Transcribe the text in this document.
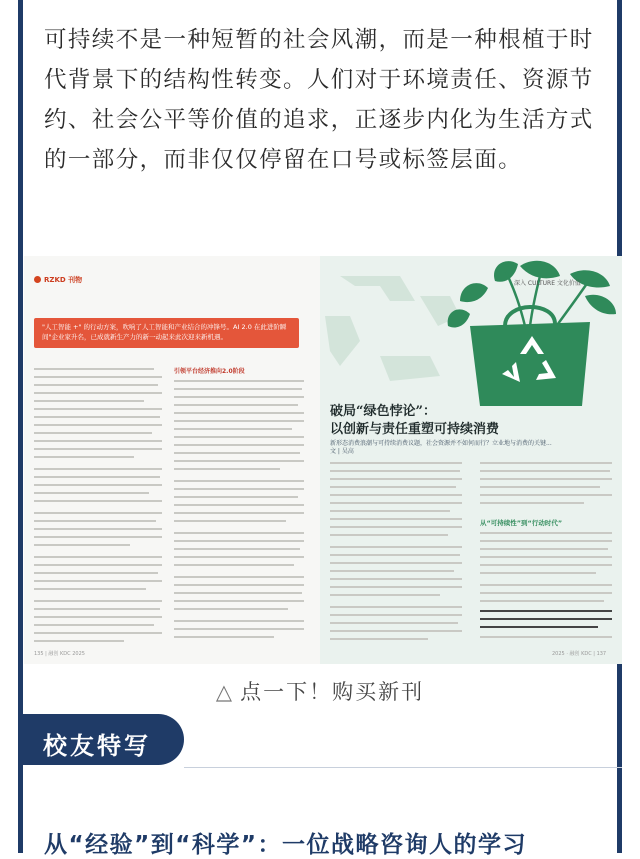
可持续不是一种短暂的社会风潮，而是一种根植于时代背景下的结构性转变。人们对于环境责任、资源节约、社会公平等价值的追求，正逐步内化为生活方式的一部分，而非仅仅停留在口号或标签层面。

RZKD 刊物
"人工智能 +" 的行动方案，吹响了人工智能和产业结合的冲锋号。AI 2.0 在此进阶瞬间"企业家升名，已成就新生产力的新一动起来此次迎来新机遇。
引领平台经济推向2.0阶段
135 | 融创 KDC 2025
深入 CULTURE 文化价值
破局“绿色悖论”：
以创新与责任重塑可持续消费
新形态消费浪潮与可持续消费议题，社会资源并不如何而行？立业地与消费的关键...
文 | 吴高
从“可持续性”到“行动时代”
2025 · 融创 KDC | 137
△ 点一下！购买新刊
校友特写
从“经验”到“科学”：一位战略咨询人的学习
